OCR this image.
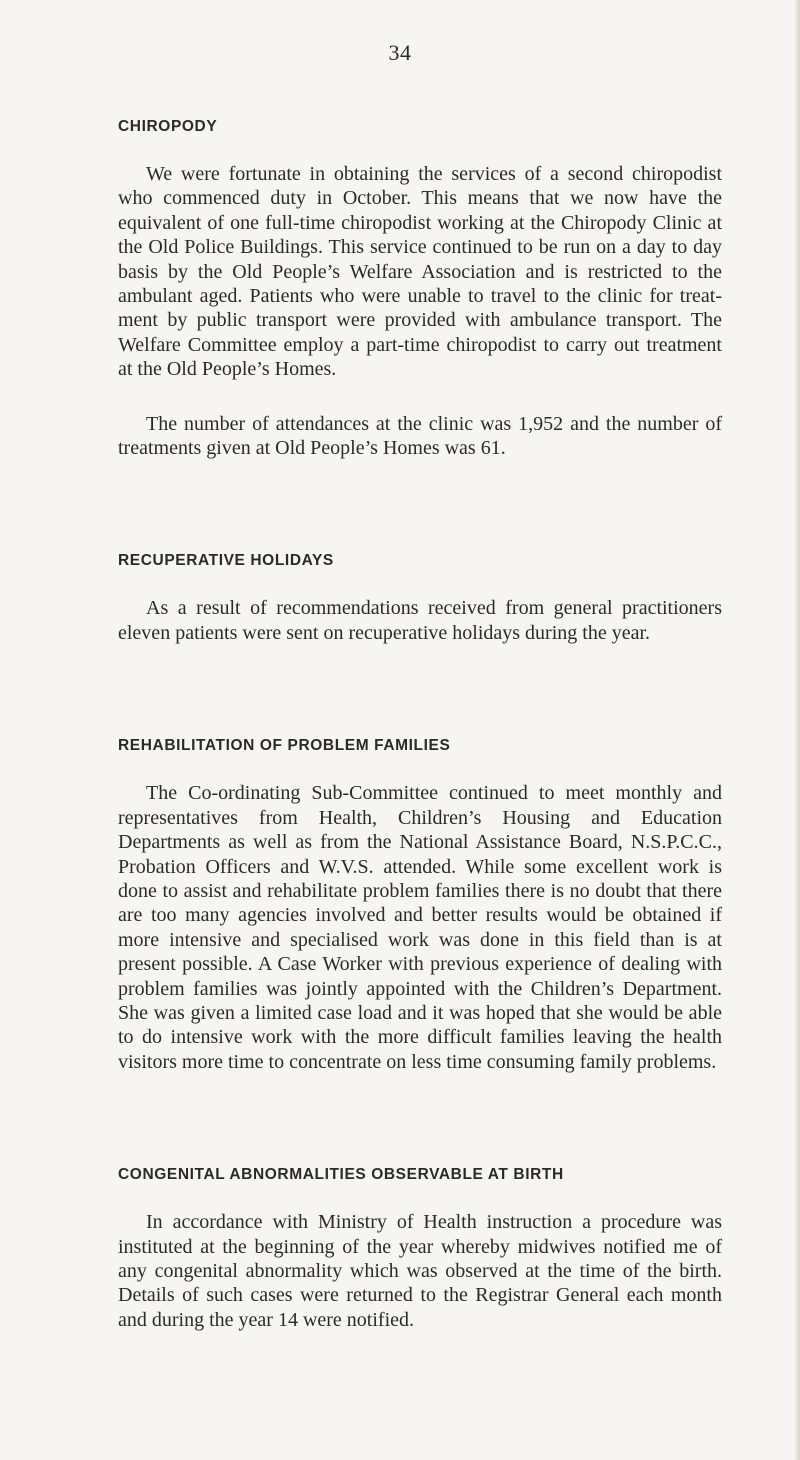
34
CHIROPODY

We were fortunate in obtaining the services of a second chiropodist who commenced duty in October. This means that we now have the equivalent of one full-time chiropodist working at the Chiropody Clinic at the Old Police Buildings. This service continued to be run on a day to day basis by the Old People’s Welfare Association and is restricted to the ambulant aged. Patients who were unable to travel to the clinic for treatment by public transport were provided with ambulance transport. The Welfare Committee employ a part-time chiropodist to carry out treatment at the Old People’s Homes.

The number of attendances at the clinic was 1,952 and the number of treatments given at Old People’s Homes was 61.

RECUPERATIVE HOLIDAYS

As a result of recommendations received from general practitioners eleven patients were sent on recuperative holidays during the year.

REHABILITATION OF PROBLEM FAMILIES

The Co-ordinating Sub-Committee continued to meet monthly and representatives from Health, Children’s Housing and Education Departments as well as from the National Assistance Board, N.S.P.C.C., Probation Officers and W.V.S. attended. While some excellent work is done to assist and rehabilitate problem families there is no doubt that there are too many agencies involved and better results would be obtained if more intensive and specialised work was done in this field than is at present possible. A Case Worker with previous experience of dealing with problem families was jointly appointed with the Children’s Department. She was given a limited case load and it was hoped that she would be able to do intensive work with the more difficult families leaving the health visitors more time to concentrate on less time consuming family problems.

CONGENITAL ABNORMALITIES OBSERVABLE AT BIRTH

In accordance with Ministry of Health instruction a procedure was instituted at the beginning of the year whereby midwives notified me of any congenital abnormality which was observed at the time of the birth. Details of such cases were returned to the Registrar General each month and during the year 14 were notified.
